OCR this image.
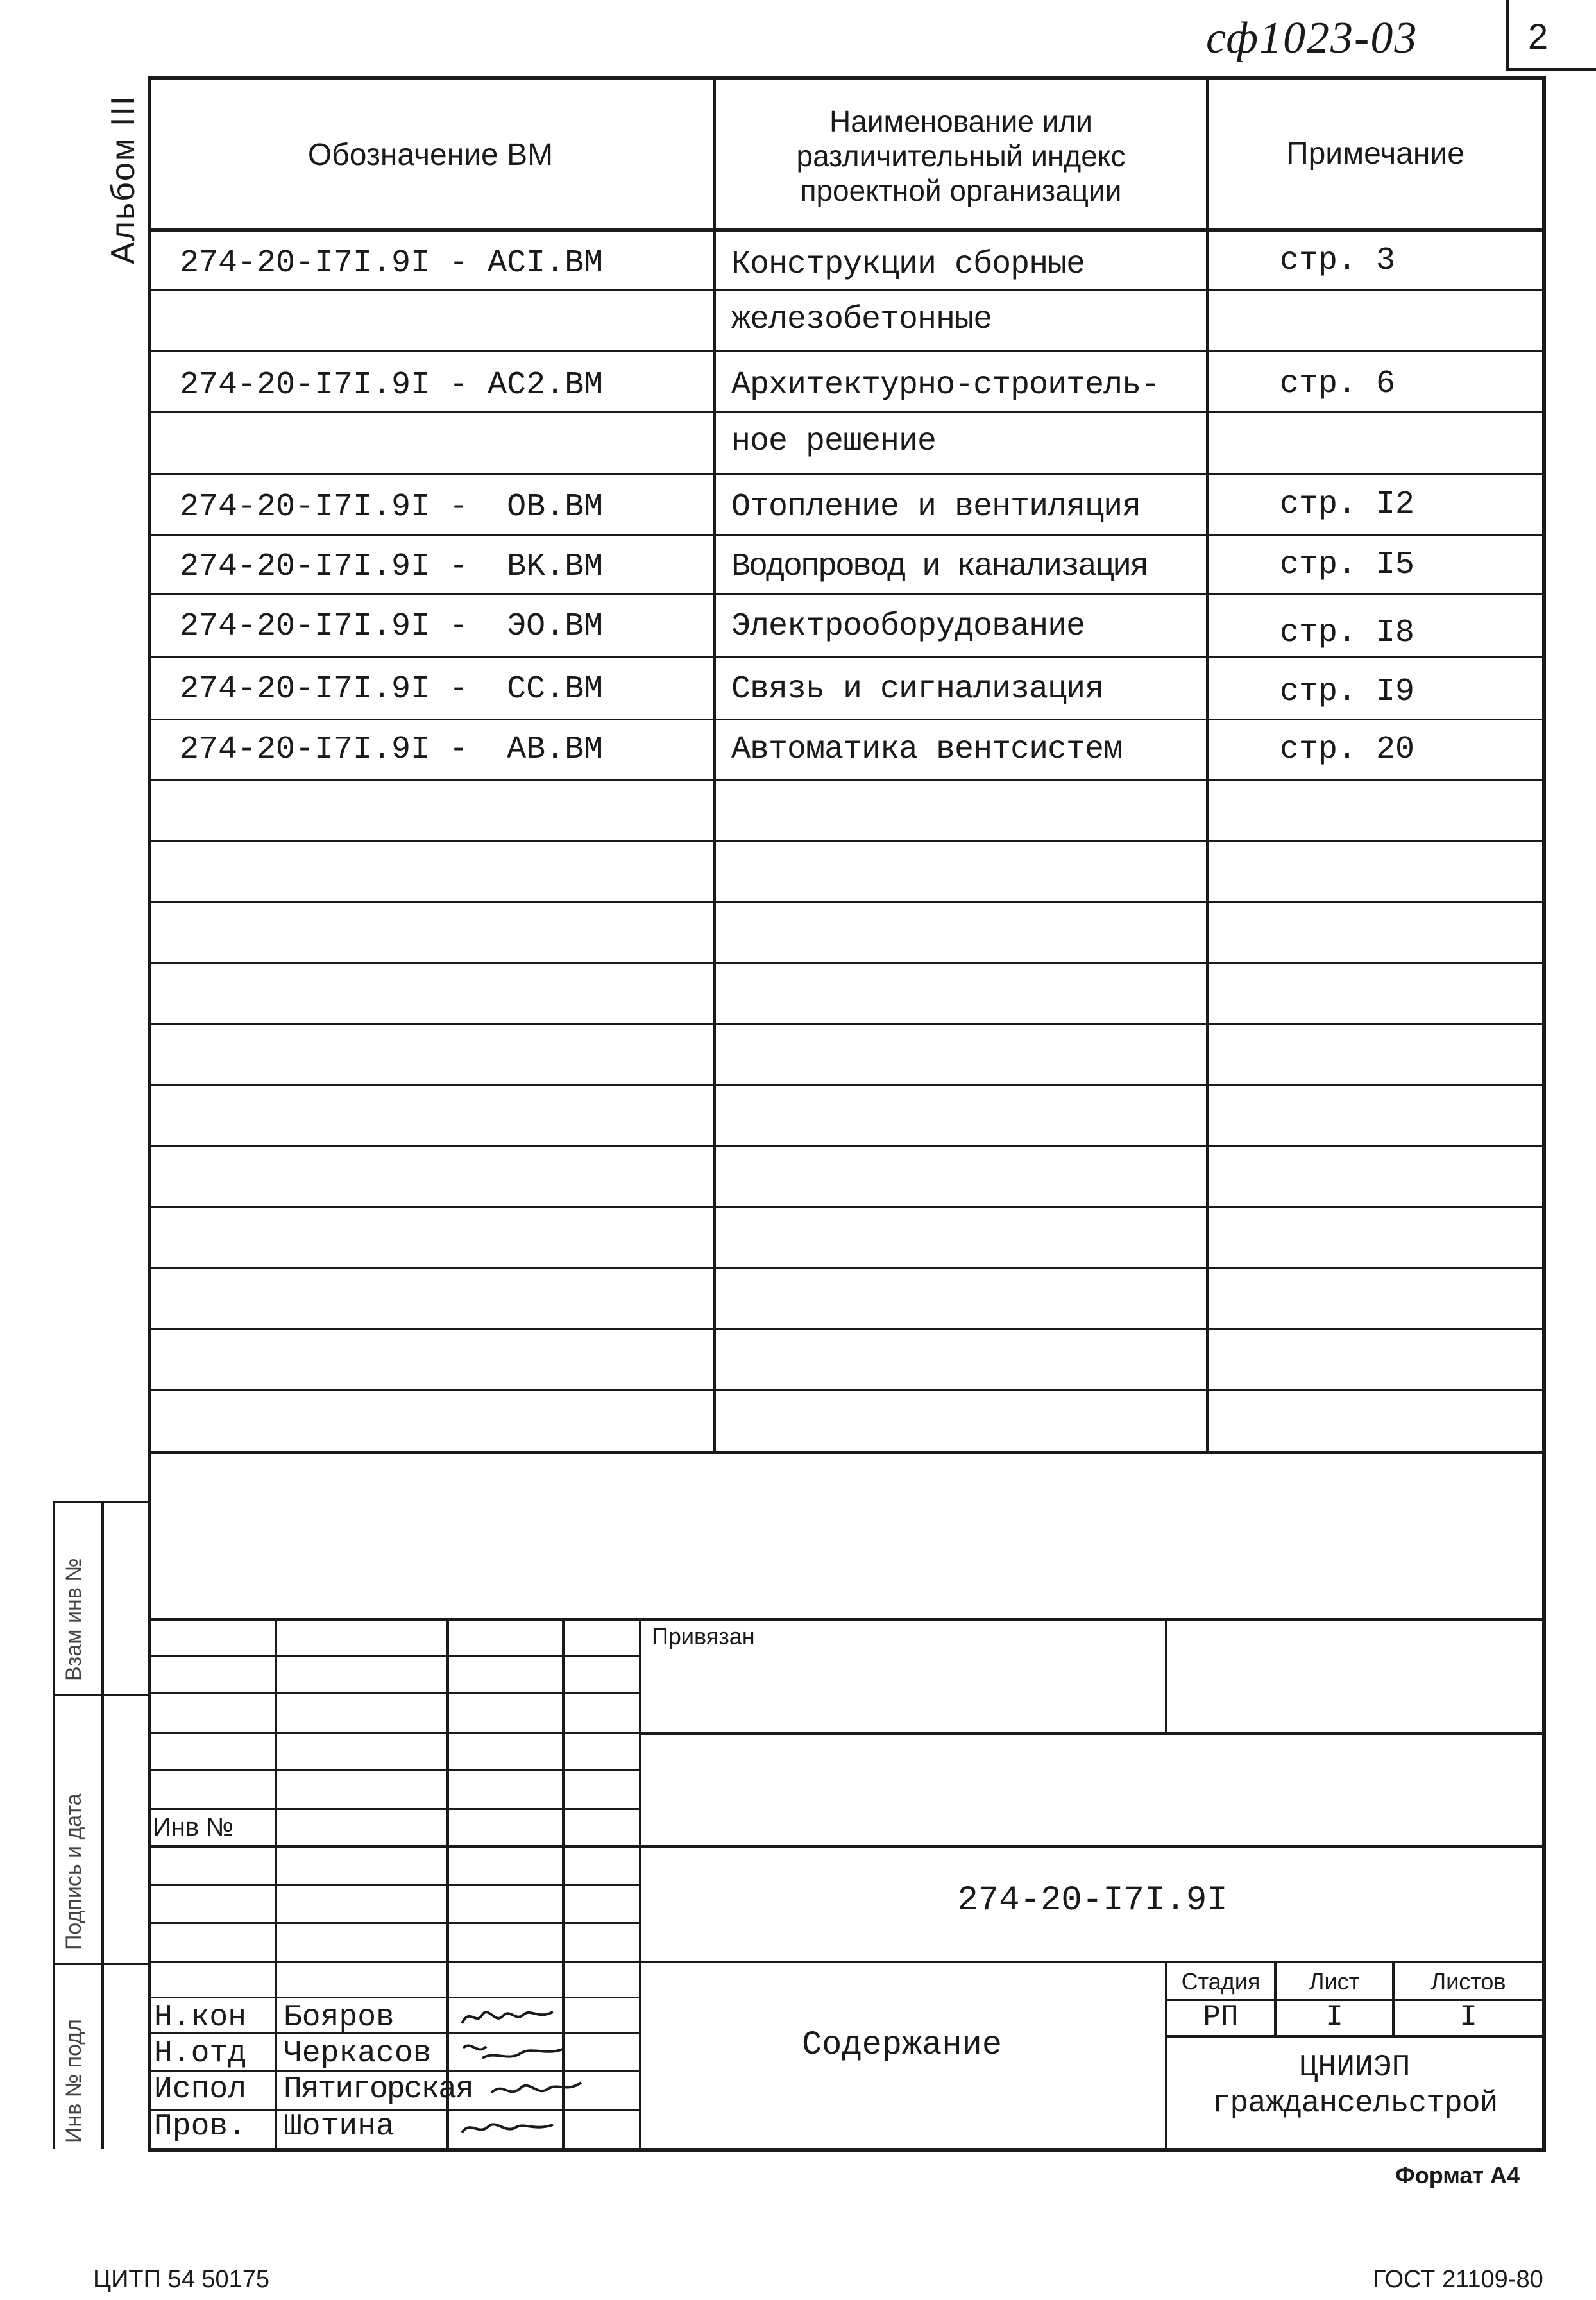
сф1023-03	2
Альбом III
Взам инв №
Подпись и дата
Инв № подл
Обозначение ВМ
Наименование или
различительный индекс
проектной организации
Примечание
274-20-I7I.9I - ACI.BM	Конструкции сборные	стр. 3
железобетонные
274-20-I7I.9I - AC2.BM	Архитектурно-строитель-	стр. 6
ное решение
274-20-I7I.9I -  OB.BM	Отопление и вентиляция	стр. I2
274-20-I7I.9I -  BK.BM	Водопровод и канализация	стр. I5
274-20-I7I.9I -  ЭO.BM	Электрооборудование	стр. I8
274-20-I7I.9I -  CC.BM	Связь и сигнализация	стр. I9
274-20-I7I.9I -  AB.BM	Автоматика вентсистем	стр. 20
Инв №
Привязан
274-20-I7I.9I
Содержание
Стадия	Лист	Листов
РП	I	I
ЦНИИЭП
граждансельстрой
Н.кон Бояров
Н.отд Черкасов
Испол Пятигорская
Пров. Шотина
Формат А4
ЦИТП 54 50175	ГОСТ 21109-80
